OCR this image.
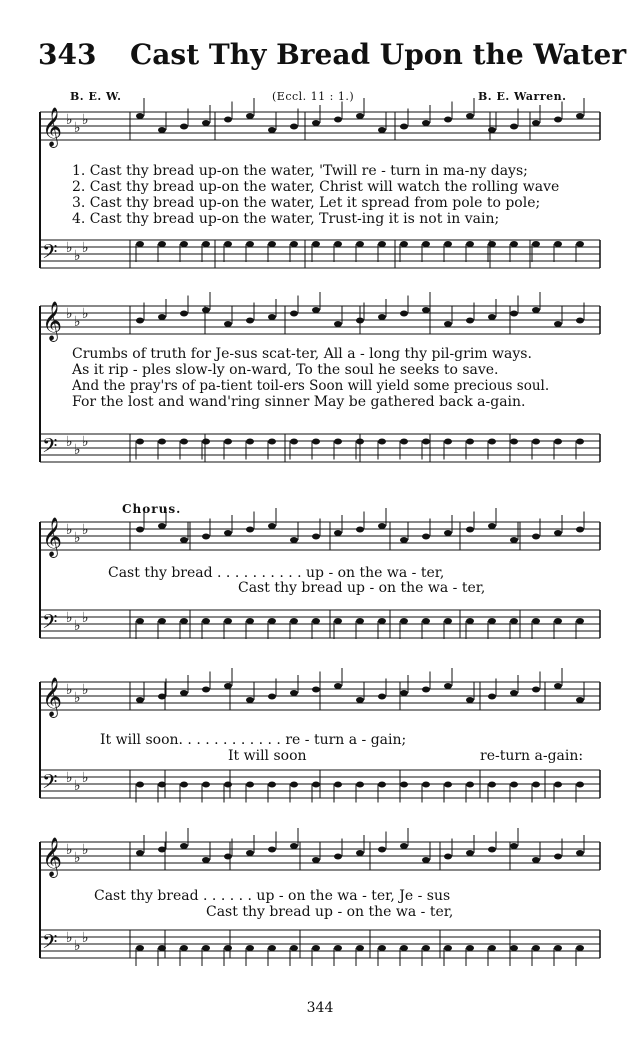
343 Cast Thy Bread Upon the Water
B. E. W.	(Eccl. 11 : 1.)	B. E. Warren.
𝄞 ♭ ♭ ♭
𝄢 ♭ ♭ ♭
𝄞 ♭ ♭ ♭
𝄢 ♭ ♭ ♭
𝄞 ♭ ♭ ♭
𝄢 ♭ ♭ ♭
𝄞 ♭ ♭ ♭
𝄢 ♭ ♭ ♭
𝄞 ♭ ♭ ♭
𝄢 ♭ ♭ ♭
1. Cast thy bread up-on the water, 'Twill re - turn in ma-ny days;
2. Cast thy bread up-on the water, Christ will watch the rolling wave
3. Cast thy bread up-on the water, Let it spread from pole to pole;
4. Cast thy bread up-on the water, Trust-ing it is not in vain;
Crumbs of truth for Je-sus scat-ter, All a - long thy pil-grim ways.
As it rip - ples slow-ly on-ward, To the soul he seeks to save.
And the pray'rs of pa-tient toil-ers Soon will yield some precious soul.
For the lost and wand'ring sinner May be gathered back a-gain.
Chorus.
Cast thy bread . . . . . . . . . . up - on the wa - ter,
Cast thy bread up - on the wa - ter,
It will soon. . . . . . . . . . . . re - turn a - gain;
It will soon	re-turn a-gain:
Cast thy bread . . . . . . up - on the wa - ter, Je - sus
Cast thy bread up - on the wa - ter,
344
